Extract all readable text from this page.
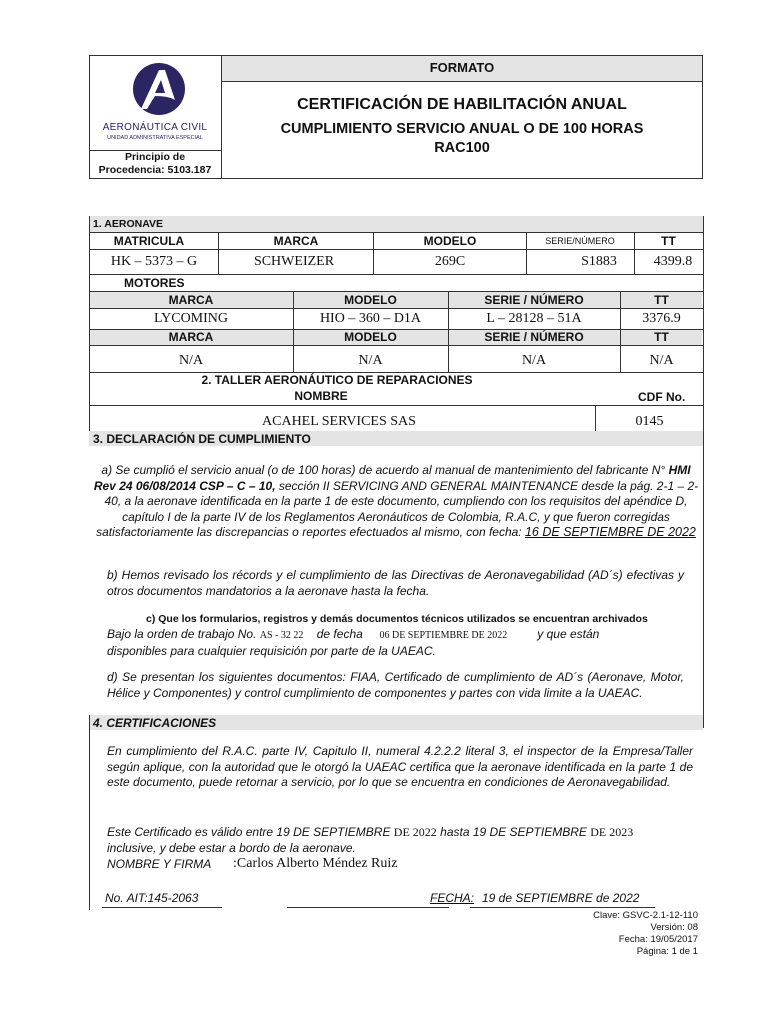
AERONÁUTICA CIVIL
UNIDAD ADMINISTRATIVA ESPECIAL
Principio de
Procedencia: 5103.187
FORMATO
CERTIFICACIÓN DE HABILITACIÓN ANUAL
CUMPLIMIENTO SERVICIO ANUAL O DE 100 HORAS
RAC100
1. AERONAVE
MATRICULA	MARCA	MODELO	SERIE/NÚMERO	TT
HK – 5373 – G	SCHWEIZER	269C	S1883	4399.8
MOTORES
MARCA	MODELO	SERIE / NÚMERO	TT
LYCOMING	HIO – 360 – D1A	L – 28128 – 51A	3376.9
MARCA	MODELO	SERIE / NÚMERO	TT
N/A	N/A	N/A	N/A
2. TALLER AERONÁUTICO DE REPARACIONES
NOMBRE	CDF No.
ACAHEL SERVICES SAS	0145
3. DECLARACIÓN DE CUMPLIMIENTO
a) Se cumplió el servicio anual (o de 100 horas) de acuerdo al manual de mantenimiento del fabricante N° HMI Rev 24 06/08/2014 CSP – C – 10, sección II SERVICING AND GENERAL MAINTENANCE desde la pág. 2-1 – 2-40, a la aeronave identificada en la parte 1 de este documento, cumpliendo con los requisitos del apéndice D, capítulo I de la parte IV de los Reglamentos Aeronáuticos de Colombia, R.A.C, y que fueron corregidas satisfactoriamente las discrepancias o reportes efectuados al mismo, con fecha: 16 DE SEPTIEMBRE DE 2022
b) Hemos revisado los récords y el cumplimiento de las Directivas de Aeronavegabilidad (AD´s) efectivas y otros documentos mandatorios a la aeronave hasta la fecha.
c) Que los formularios, registros y demás documentos técnicos utilizados se encuentran archivados
Bajo la orden de trabajo No. AS - 32 22 de fecha 06 DE SEPTIEMBRE DE 2022	y que están
disponibles para cualquier requisición por parte de la UAEAC.
d) Se presentan los siguientes documentos: FIAA, Certificado de cumplimiento de AD´s (Aeronave, Motor, Hélice y Componentes) y control cumplimiento de componentes y partes con vida limite a la UAEAC.
4. CERTIFICACIONES
En cumplimiento del R.A.C. parte IV, Capitulo II, numeral 4.2.2.2 literal 3, el inspector de la Empresa/Taller según aplique, con la autoridad que le otorgó la UAEAC certifica que la aeronave identificada en la parte 1 de este documento, puede retornar a servicio, por lo que se encuentra en condiciones de Aeronavegabilidad.
Este Certificado es válido entre 19 DE SEPTIEMBRE DE 2022 hasta 19 DE SEPTIEMBRE DE 2023
inclusive, y debe estar a bordo de la aeronave.
NOMBRE Y FIRMA :Carlos Alberto Méndez Ruiz
No. AIT:145-2063	FECHA: 19 de SEPTIEMBRE de 2022
Clave: GSVC-2.1-12-110
Versión: 08
Fecha: 19/05/2017
Página: 1 de 1
